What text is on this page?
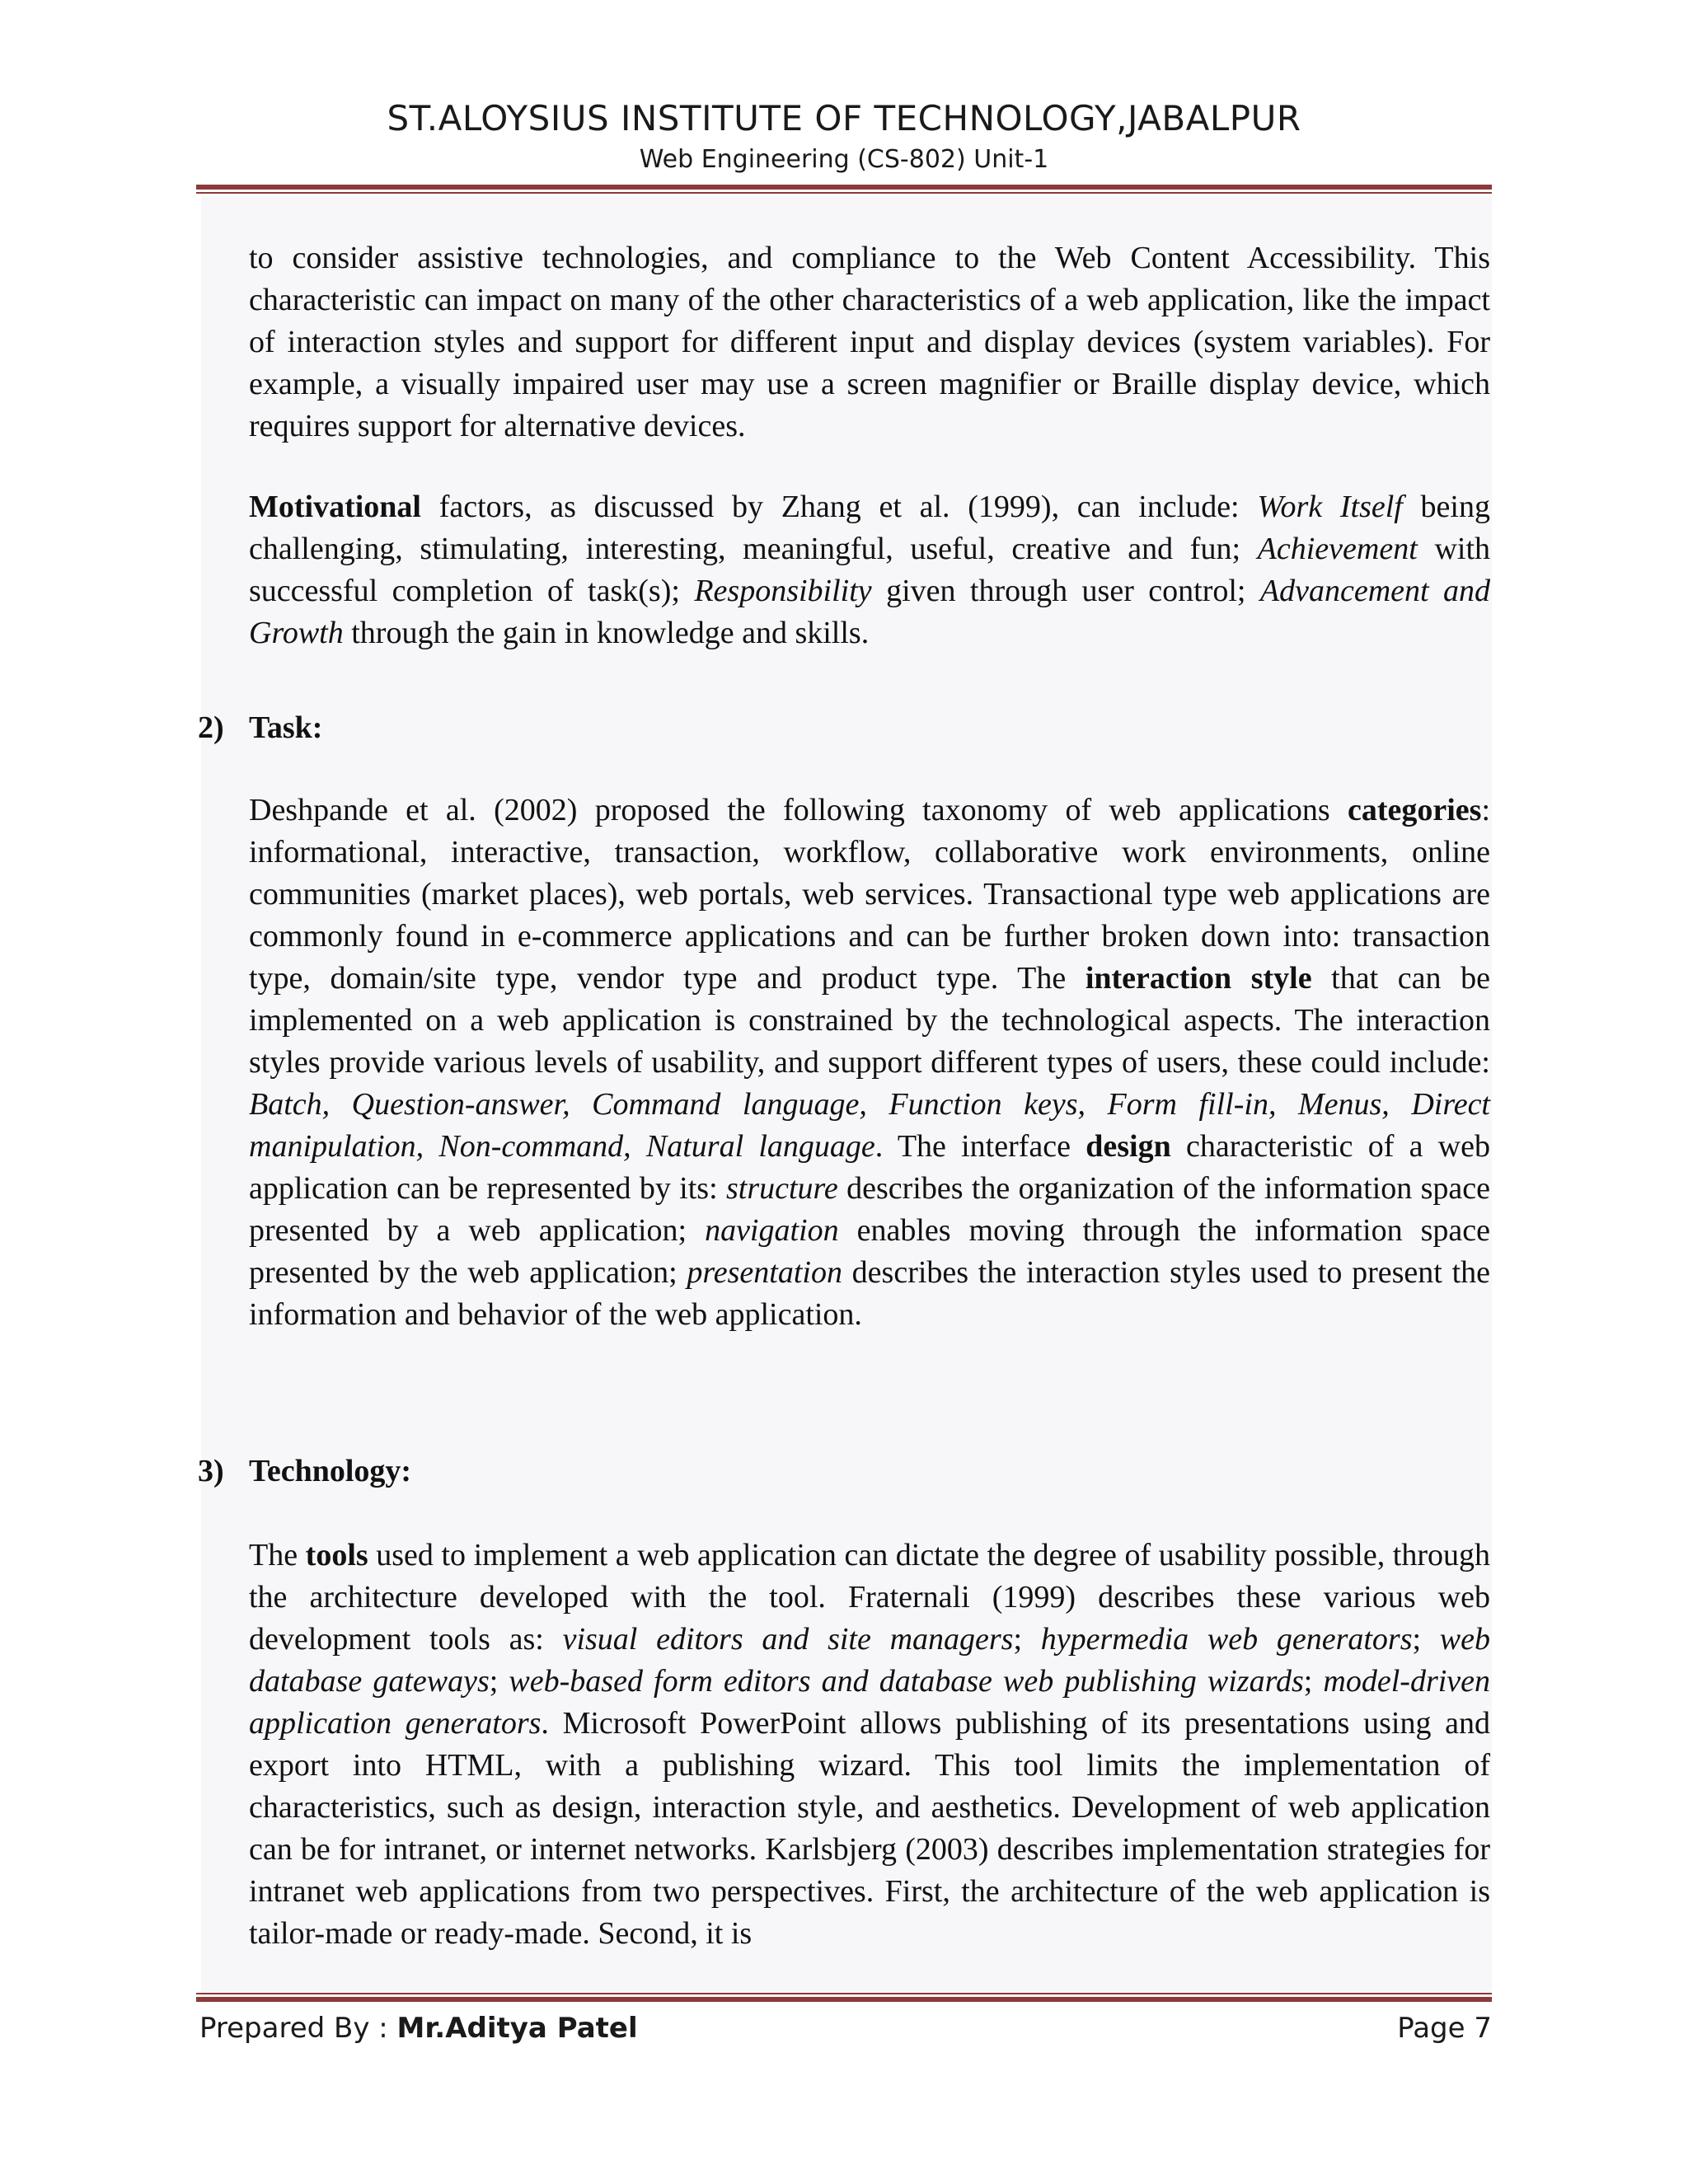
ST.ALOYSIUS INSTITUTE OF TECHNOLOGY,JABALPUR
Web Engineering (CS-802) Unit-1

to consider assistive technologies, and compliance to the Web Content Accessibility. This characteristic can impact on many of the other characteristics of a web application, like the impact of interaction styles and support for different input and display devices (system variables). For example, a visually impaired user may use a screen magnifier or Braille display device, which requires support for alternative devices.

Motivational factors, as discussed by Zhang et al. (1999), can include: Work Itself being challenging, stimulating, interesting, meaningful, useful, creative and fun; Achievement with successful completion of task(s); Responsibility given through user control; Advancement and Growth through the gain in knowledge and skills.

2) Task:

Deshpande et al. (2002) proposed the following taxonomy of web applications categories: informational, interactive, transaction, workflow, collaborative work environments, online communities (market places), web portals, web services. Transactional type web applications are commonly found in e-commerce applications and can be further broken down into: transaction type, domain/site type, vendor type and product type. The interaction style that can be implemented on a web application is constrained by the technological aspects. The interaction styles provide various levels of usability, and support different types of users, these could include: Batch, Question-answer, Command language, Function keys, Form fill-in, Menus, Direct manipulation, Non-command, Natural language. The interface design characteristic of a web application can be represented by its: structure describes the organization of the information space presented by a web application; navigation enables moving through the information space presented by the web application; presentation describes the interaction styles used to present the information and behavior of the web application.

3) Technology:

The tools used to implement a web application can dictate the degree of usability possible, through the architecture developed with the tool. Fraternali (1999) describes these various web development tools as: visual editors and site managers; hypermedia web generators; web database gateways; web-based form editors and database web publishing wizards; model-driven application generators. Microsoft PowerPoint allows publishing of its presentations using and export into HTML, with a publishing wizard. This tool limits the implementation of characteristics, such as design, interaction style, and aesthetics. Development of web application can be for intranet, or internet networks. Karlsbjerg (2003) describes implementation strategies for intranet web applications from two perspectives. First, the architecture of the web application is tailor-made or ready-made. Second, it is

Prepared By : Mr.Aditya Patel	Page 7
